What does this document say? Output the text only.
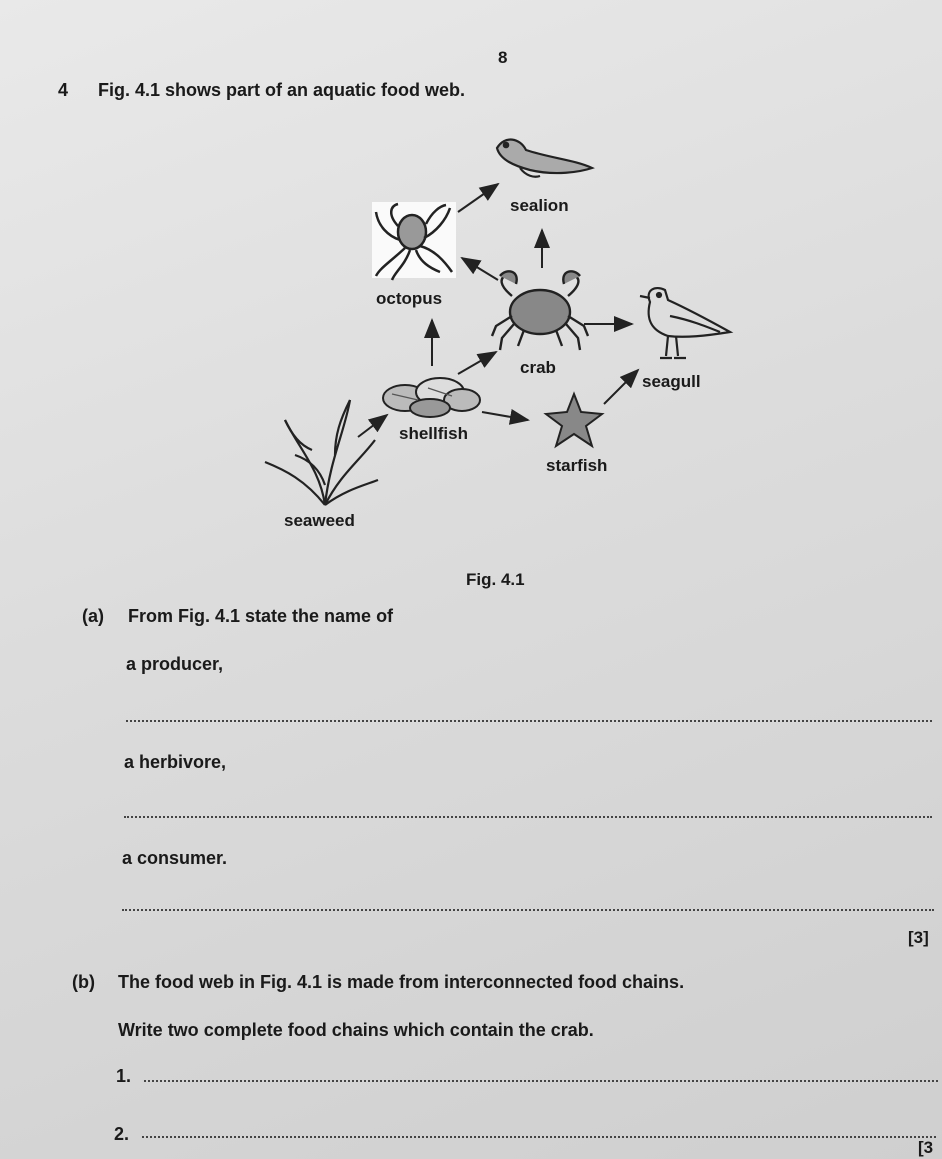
8
4 Fig. 4.1 shows part of an aquatic food web.
sealion
octopus
crab
seagull
shellfish
starfish
seaweed
Fig. 4.1
(a) From Fig. 4.1 state the name of
a producer,
a herbivore,
a consumer.
[3]
(b) The food web in Fig. 4.1 is made from interconnected food chains.
Write two complete food chains which contain the crab.
1.
2.
[3
